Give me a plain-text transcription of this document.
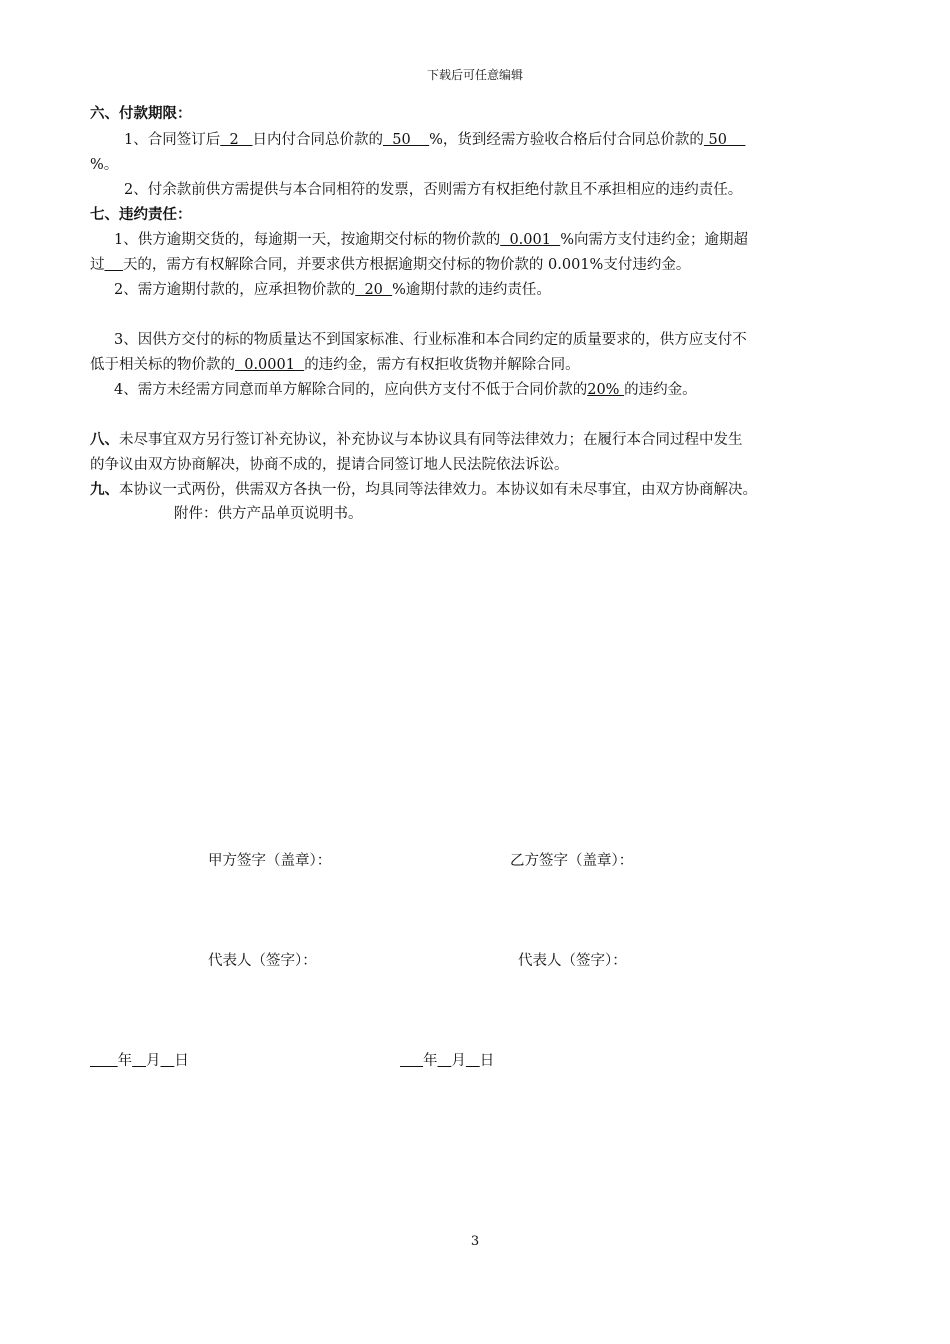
下载后可任意编辑
六、付款期限：
1、合同签订后  2   日内付合同总价款的  50    %，货到经需方验收合格后付合同总价款的 50
%。
2、付余款前供方需提供与本合同相符的发票，否则需方有权拒绝付款且不承担相应的违约责任。
七、违约责任：
1、供方逾期交货的，每逾期一天，按逾期交付标的物价款的  0.001  %向需方支付违约金；逾期超
过 天的，需方有权解除合同，并要求供方根据逾期交付标的物价款的 0.001%支付违约金。
2、需方逾期付款的，应承担物价款的  20  %逾期付款的违约责任。
3、因供方交付的标的物质量达不到国家标准、行业标准和本合同约定的质量要求的，供方应支付不
低于相关标的物价款的  0.0001  的违约金，需方有权拒收货物并解除合同。
4、需方未经需方同意而单方解除合同的，应向供方支付不低于合同价款的20% 的违约金。
八、未尽事宜双方另行签订补充协议，补充协议与本协议具有同等法律效力；在履行本合同过程中发生
的争议由双方协商解决，协商不成的，提请合同签订地人民法院依法诉讼。
九、本协议一式两份，供需双方各执一份，均具同等法律效力。本协议如有未尽事宜，由双方协商解决。
附件：供方产品单页说明书。
甲方签字（盖章）：	乙方签字（盖章）：
代表人（签字）：	代表人（签字）：
年 月 日	年 月 日
3
